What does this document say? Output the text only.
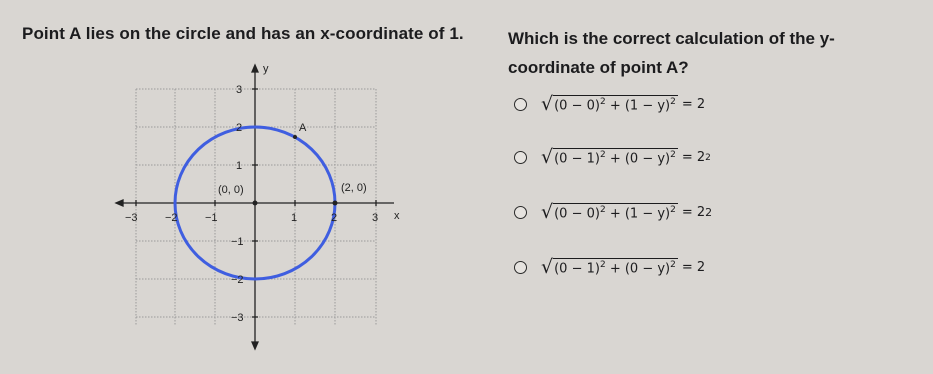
Point A lies on the circle and has an x-coordinate of 1.	Which is the correct calculation of the y-coordinate of point A?
x
y
−3 −2 −1	1	2	3
3
2
1
−1
−2
−3
A
(0, 0)	(2, 0)
√ $(0 - 0)^2 + (1 - y)^2 = 2$
√ $(0 - 1)^2 + (0 - y)^2 = 2$ 2
√ $(0 - 0)^2 + (1 - y)^2 = 2$ 2
√ $(0 - 1)^2 + (0 - y)^2 = 2$
